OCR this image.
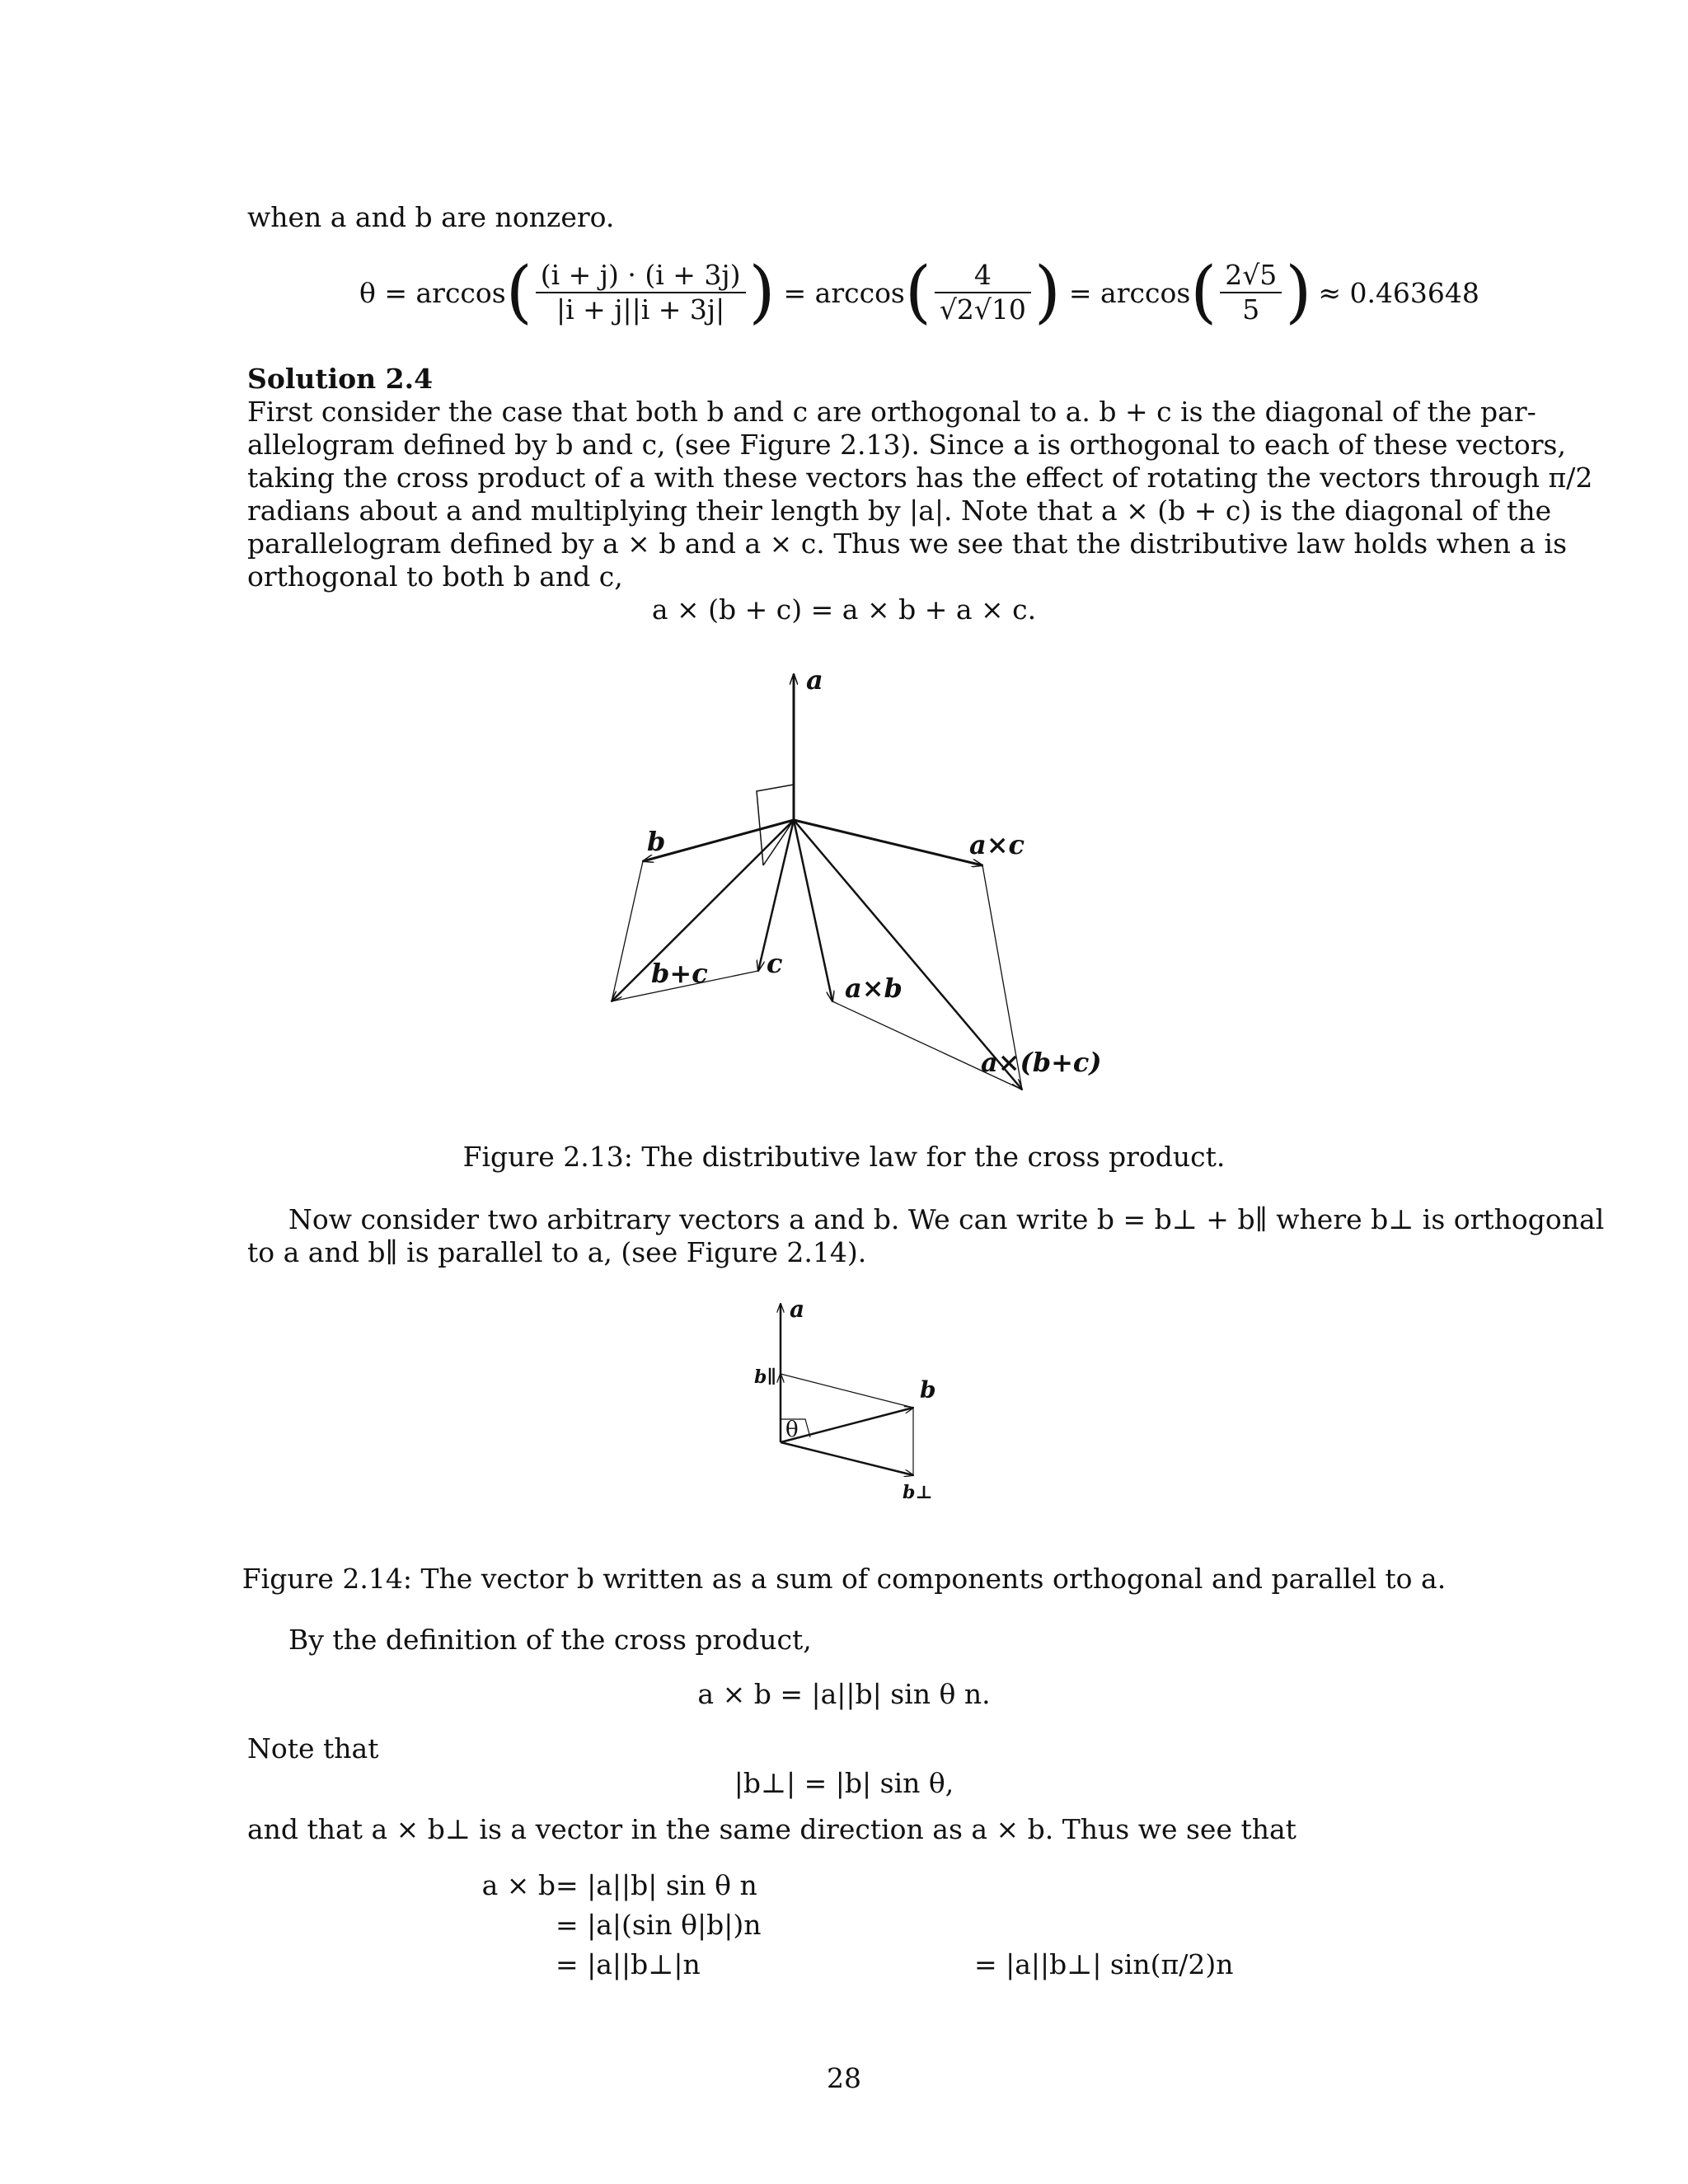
when a and b are nonzero.
θ = arccos ( $\frac{(i + j) \cdot (i + 3j)}{|i + j||i + 3j|}$ ) = arccos ( $\frac{4}{√2√10}$ ) = arccos ( $\frac{2√5}{5}$ ) ≈ 0.463648
Solution 2.4
First consider the case that both b and c are orthogonal to a. b + c is the diagonal of the par-
allelogram defined by b and c, (see Figure 2.13). Since a is orthogonal to each of these vectors,
taking the cross product of a with these vectors has the effect of rotating the vectors through π/2
radians about a and multiplying their length by |a|. Note that a × (b + c) is the diagonal of the
parallelogram defined by a × b and a × c. Thus we see that the distributive law holds when a is
orthogonal to both b and c,
a × (b + c) = a × b + a × c.
a
b
c
b+c	a×b
a×c
a×(b+c)
Figure 2.13: The distributive law for the cross product.
Now consider two arbitrary vectors a and b. We can write b = b⊥ + b∥ where b⊥ is orthogonal
to a and b∥ is parallel to a, (see Figure 2.14).
a
b
b∥
b⊥
θ
Figure 2.14: The vector b written as a sum of components orthogonal and parallel to a.
By the definition of the cross product,
a × b = |a||b| sin θ n.
Note that
|b⊥| = |b| sin θ,
and that a × b⊥ is a vector in the same direction as a × b. Thus we see that
a × b = |a||b| sin θ n
= |a|(sin θ|b|)n
= |a||b⊥|n	= |a||b⊥| sin(π/2)n
28
